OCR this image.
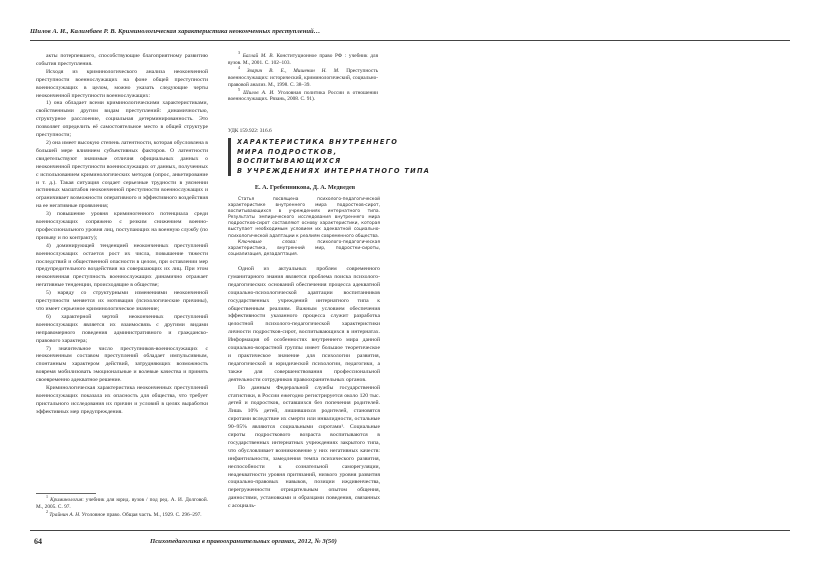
Шилов А. И., Калимбаев Р. В. Криминологическая характеристика неоконченных преступлений…

акты потерпевшего, способствующие благоприятному развитию события преступления.

Исходя из криминологического анализа неоконченной преступности военнослужащих на фоне общей преступности военнослужащих в целом, можно указать следующие черты неоконченной преступности военнослужащих:

1) она обладает всеми криминологическими характеристиками, свойственными другим видам преступлений: динамичностью, структурное расслоение, социальная детерминированность. Это позволяет определить её самостоятельное место в общей структуре преступности;

2) она имеет высокую степень латентности, которая обусловлена в большей мере влиянием субъективных факторов. О латентности свидетельствуют значимые отличия официальных данных о неоконченной преступности военнослужащих от данных, полученных с использованием криминологических методов (опрос, анкетирование и т. д.). Такая ситуация создает серьезные трудности в уяснении истинных масштабов неоконченной преступности военнослужащих и ограничивает возможности оперативного и эффективного воздействия на ее негативные проявления;

3) повышение уровня криминогенного потенциала среди военнослужащих сопряжено с резким снижением военно-профессионального уровня лиц, поступающих на военную службу (по призыву и по контракту);

4) доминирующей тенденцией неоконченных преступлений военнослужащих остается рост их числа, повышение тяжести последствий и общественной опасности в целом, при оставлении мер предупредительного воздействия на совершающих их лиц. При этом неоконченная преступность военнослужащих динамично отражает негативные тенденции, происходящие в обществе;

5) наряду со структурными изменениями неоконченной преступности меняется их мотивация (психологические причины), что имеет серьезное криминологическое значение;

6) характерной чертой неоконченных преступлений военнослужащих является их взаимосвязь с другими видами неправомерного поведения административного и гражданско-правового характера;

7) значительное число преступников-военнослужащих с неоконченным составом преступлений обладает импульсивным, спонтанным характером действий, затрудняющих возможность вовремя мобилизовать эмоциональные и волевые качества и принять своевременно адекватное решение.

Криминологическая характеристика неоконченных преступлений военнослужащих показала их опасность для общества, что требует пристального исследования их причин и условий в целях выработки эффективных мер предупреждения.

$^1$ Криминология: учебник для юрид. вузов / под ред. А. И. Долговой. М., 2005. С. 97.

$^2$ Трайнин А. Н. Уголовное право. Общая часть. М., 1929. С. 296–297.

$^3$ Баглай М. В. Конституционное право РФ : учебник для вузов. М., 2001. С. 102–103.

$^4$ Зварич В. Е., Мишенин Н. М. Преступность военнослужащих: исторический, криминологический, социально-правовой анализ. М., 1998. С. 38–39.

$^5$ Шилов А. И. Уголовная политика России в отношении военнослужащих. Рязань, 2008. С. 91).

УДК 159.922: 316.6
ХАРАКТЕРИСТИКА ВНУТРЕННЕГО
МИРА ПОДРОСТКОВ,
ВОСПИТЫВАЮЩИХСЯ
В УЧРЕЖДЕНИЯХ ИНТЕРНАТНОГО ТИПА
Е. А. Гребенникова, Д. А. Медведев

Статья посвящена психолого-педагогической характеристике внутреннего мира подростков-сирот, воспитывающихся в учреждениях интернатного типа. Результаты эмпирического исследования внутреннего мира подростков-сирот составляют основу характеристики, которая выступает необходимым условием их адекватной социально-психологической адаптации к реалиям современного общества.

Ключевые слова: психолого-педагогическая характеристика, внутренний мир, подростки-сироты, социализация, дезадаптация.

Одной из актуальных проблем современного гуманитарного знания является проблема поиска психолого-педагогических оснований обеспечения процесса адекватной социально-психологической адаптации воспитанников государственных учреждений интернатного типа к общественным реалиям. Важным условием обеспечения эффективности указанного процесса служит разработка целостной психолого-педагогической характеристики личности подростков-сирот, воспитывающихся в интернатах. Информация об особенностях внутреннего мира данной социально-возрастной группы имеет большое теоретическое и практическое значение для психологии развития, педагогической и юридической психологии, педагогики, а также для совершенствования профессиональной деятельности сотрудников правоохранительных органов.

По данным Федеральной службы государственной статистики, в России ежегодно регистрируется около 120 тыс. детей и подростков, оставшихся без попечения родителей. Лишь 10% детей, лишившихся родителей, становятся сиротами вследствие их смерти или инвалидности, остальные 90–95% являются социальными сиротами¹. Социальные сироты подросткового возраста воспитываются в государственных интернатных учреждениях закрытого типа, что обусловливает возникновение у них негативных качеств: инфантильности, замедления темпа психического развития, неспособности к сознательной саморегуляции, неадекватности уровня притязаний, низкого уровня развития социально-правовых навыков, позиции иждивенчества, перегруженности отрицательным опытом общения, данностями, установками и образцами поведения, связанных с асоциаль-

64	Психопедагогика в правоохранительных органах, 2012, № 3(50)
